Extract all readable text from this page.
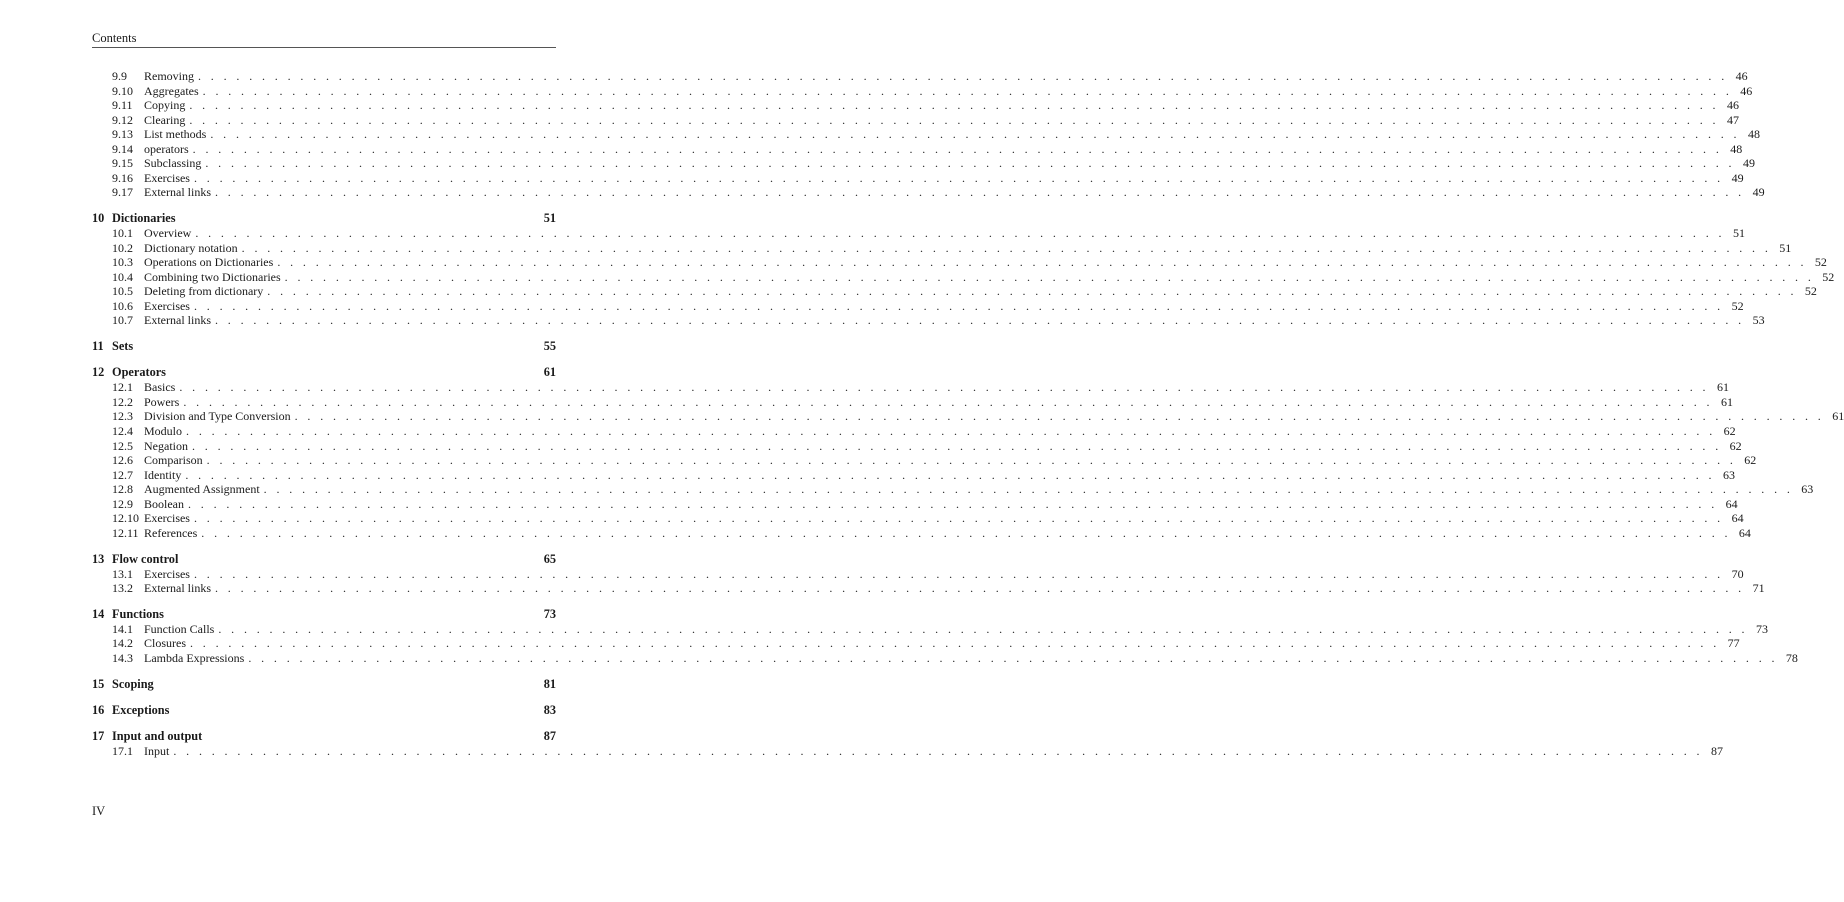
Contents
9.9	Removing . . . . . . . . . . . . . . . . . . . . . . . . . . . . . . . . . . . . . . . . . . . . . . . . . . . . . . . . . . . . . . . . . . . . . . . . . . . . . . . . . . . . . . . . . . . . . . . . . . . . . . . . . . . . . . . . . . . . . . . . 46
9.10 Aggregates . . . . . . . . . . . . . . . . . . . . . . . . . . . . . . . . . . . . . . . . . . . . . . . . . . . . . . . . . . . . . . . . . . . . . . . . . . . . . . . . . . . . . . . . . . . . . . . . . . . . . . . . . . . . . . . . . . . . . . . . 46
9.11 Copying . . . . . . . . . . . . . . . . . . . . . . . . . . . . . . . . . . . . . . . . . . . . . . . . . . . . . . . . . . . . . . . . . . . . . . . . . . . . . . . . . . . . . . . . . . . . . . . . . . . . . . . . . . . . . . . . . . . . . . . . 46
9.12 Clearing . . . . . . . . . . . . . . . . . . . . . . . . . . . . . . . . . . . . . . . . . . . . . . . . . . . . . . . . . . . . . . . . . . . . . . . . . . . . . . . . . . . . . . . . . . . . . . . . . . . . . . . . . . . . . . . . . . . . . . . . 47
9.13 List methods . . . . . . . . . . . . . . . . . . . . . . . . . . . . . . . . . . . . . . . . . . . . . . . . . . . . . . . . . . . . . . . . . . . . . . . . . . . . . . . . . . . . . . . . . . . . . . . . . . . . . . . . . . . . . . . . . . . . . . . . 48
9.14 operators . . . . . . . . . . . . . . . . . . . . . . . . . . . . . . . . . . . . . . . . . . . . . . . . . . . . . . . . . . . . . . . . . . . . . . . . . . . . . . . . . . . . . . . . . . . . . . . . . . . . . . . . . . . . . . . . . . . . . . . . 48
9.15 Subclassing . . . . . . . . . . . . . . . . . . . . . . . . . . . . . . . . . . . . . . . . . . . . . . . . . . . . . . . . . . . . . . . . . . . . . . . . . . . . . . . . . . . . . . . . . . . . . . . . . . . . . . . . . . . . . . . . . . . . . . . . 49
9.16 Exercises . . . . . . . . . . . . . . . . . . . . . . . . . . . . . . . . . . . . . . . . . . . . . . . . . . . . . . . . . . . . . . . . . . . . . . . . . . . . . . . . . . . . . . . . . . . . . . . . . . . . . . . . . . . . . . . . . . . . . . . . 49
9.17 External links . . . . . . . . . . . . . . . . . . . . . . . . . . . . . . . . . . . . . . . . . . . . . . . . . . . . . . . . . . . . . . . . . . . . . . . . . . . . . . . . . . . . . . . . . . . . . . . . . . . . . . . . . . . . . . . . . . . . . . . . 49
10 Dictionaries	51
10.1 Overview . . . . . . . . . . . . . . . . . . . . . . . . . . . . . . . . . . . . . . . . . . . . . . . . . . . . . . . . . . . . . . . . . . . . . . . . . . . . . . . . . . . . . . . . . . . . . . . . . . . . . . . . . . . . . . . . . . . . . . . . 51
10.2 Dictionary notation . . . . . . . . . . . . . . . . . . . . . . . . . . . . . . . . . . . . . . . . . . . . . . . . . . . . . . . . . . . . . . . . . . . . . . . . . . . . . . . . . . . . . . . . . . . . . . . . . . . . . . . . . . . . . . . . . . . . . . . . 51
10.3 Operations on Dictionaries . . . . . . . . . . . . . . . . . . . . . . . . . . . . . . . . . . . . . . . . . . . . . . . . . . . . . . . . . . . . . . . . . . . . . . . . . . . . . . . . . . . . . . . . . . . . . . . . . . . . . . . . . . . . . . . . . . . . . . . . 52
10.4 Combining two Dictionaries . . . . . . . . . . . . . . . . . . . . . . . . . . . . . . . . . . . . . . . . . . . . . . . . . . . . . . . . . . . . . . . . . . . . . . . . . . . . . . . . . . . . . . . . . . . . . . . . . . . . . . . . . . . . . . . . . . . . . . . . 52
10.5 Deleting from dictionary . . . . . . . . . . . . . . . . . . . . . . . . . . . . . . . . . . . . . . . . . . . . . . . . . . . . . . . . . . . . . . . . . . . . . . . . . . . . . . . . . . . . . . . . . . . . . . . . . . . . . . . . . . . . . . . . . . . . . . . . 52
10.6 Exercises . . . . . . . . . . . . . . . . . . . . . . . . . . . . . . . . . . . . . . . . . . . . . . . . . . . . . . . . . . . . . . . . . . . . . . . . . . . . . . . . . . . . . . . . . . . . . . . . . . . . . . . . . . . . . . . . . . . . . . . . 52
10.7 External links . . . . . . . . . . . . . . . . . . . . . . . . . . . . . . . . . . . . . . . . . . . . . . . . . . . . . . . . . . . . . . . . . . . . . . . . . . . . . . . . . . . . . . . . . . . . . . . . . . . . . . . . . . . . . . . . . . . . . . . . 53
11 Sets	55
12 Operators	61
12.1 Basics . . . . . . . . . . . . . . . . . . . . . . . . . . . . . . . . . . . . . . . . . . . . . . . . . . . . . . . . . . . . . . . . . . . . . . . . . . . . . . . . . . . . . . . . . . . . . . . . . . . . . . . . . . . . . . . . . . . . . . . . 61
12.2 Powers . . . . . . . . . . . . . . . . . . . . . . . . . . . . . . . . . . . . . . . . . . . . . . . . . . . . . . . . . . . . . . . . . . . . . . . . . . . . . . . . . . . . . . . . . . . . . . . . . . . . . . . . . . . . . . . . . . . . . . . . 61
12.3 Division and Type Conversion . . . . . . . . . . . . . . . . . . . . . . . . . . . . . . . . . . . . . . . . . . . . . . . . . . . . . . . . . . . . . . . . . . . . . . . . . . . . . . . . . . . . . . . . . . . . . . . . . . . . . . . . . . . . . . . . . . . . . . . . 61
12.4 Modulo . . . . . . . . . . . . . . . . . . . . . . . . . . . . . . . . . . . . . . . . . . . . . . . . . . . . . . . . . . . . . . . . . . . . . . . . . . . . . . . . . . . . . . . . . . . . . . . . . . . . . . . . . . . . . . . . . . . . . . . . 62
12.5 Negation . . . . . . . . . . . . . . . . . . . . . . . . . . . . . . . . . . . . . . . . . . . . . . . . . . . . . . . . . . . . . . . . . . . . . . . . . . . . . . . . . . . . . . . . . . . . . . . . . . . . . . . . . . . . . . . . . . . . . . . . 62
12.6 Comparison . . . . . . . . . . . . . . . . . . . . . . . . . . . . . . . . . . . . . . . . . . . . . . . . . . . . . . . . . . . . . . . . . . . . . . . . . . . . . . . . . . . . . . . . . . . . . . . . . . . . . . . . . . . . . . . . . . . . . . . . 62
12.7 Identity . . . . . . . . . . . . . . . . . . . . . . . . . . . . . . . . . . . . . . . . . . . . . . . . . . . . . . . . . . . . . . . . . . . . . . . . . . . . . . . . . . . . . . . . . . . . . . . . . . . . . . . . . . . . . . . . . . . . . . . . 63
12.8 Augmented Assignment . . . . . . . . . . . . . . . . . . . . . . . . . . . . . . . . . . . . . . . . . . . . . . . . . . . . . . . . . . . . . . . . . . . . . . . . . . . . . . . . . . . . . . . . . . . . . . . . . . . . . . . . . . . . . . . . . . . . . . . . 63
12.9 Boolean . . . . . . . . . . . . . . . . . . . . . . . . . . . . . . . . . . . . . . . . . . . . . . . . . . . . . . . . . . . . . . . . . . . . . . . . . . . . . . . . . . . . . . . . . . . . . . . . . . . . . . . . . . . . . . . . . . . . . . . . 64
12.10 Exercises . . . . . . . . . . . . . . . . . . . . . . . . . . . . . . . . . . . . . . . . . . . . . . . . . . . . . . . . . . . . . . . . . . . . . . . . . . . . . . . . . . . . . . . . . . . . . . . . . . . . . . . . . . . . . . . . . . . . . . . . 64
12.11 References . . . . . . . . . . . . . . . . . . . . . . . . . . . . . . . . . . . . . . . . . . . . . . . . . . . . . . . . . . . . . . . . . . . . . . . . . . . . . . . . . . . . . . . . . . . . . . . . . . . . . . . . . . . . . . . . . . . . . . . . 64
13 Flow control	65
13.1 Exercises . . . . . . . . . . . . . . . . . . . . . . . . . . . . . . . . . . . . . . . . . . . . . . . . . . . . . . . . . . . . . . . . . . . . . . . . . . . . . . . . . . . . . . . . . . . . . . . . . . . . . . . . . . . . . . . . . . . . . . . . 70
13.2 External links . . . . . . . . . . . . . . . . . . . . . . . . . . . . . . . . . . . . . . . . . . . . . . . . . . . . . . . . . . . . . . . . . . . . . . . . . . . . . . . . . . . . . . . . . . . . . . . . . . . . . . . . . . . . . . . . . . . . . . . . 71
14 Functions	73
14.1 Function Calls . . . . . . . . . . . . . . . . . . . . . . . . . . . . . . . . . . . . . . . . . . . . . . . . . . . . . . . . . . . . . . . . . . . . . . . . . . . . . . . . . . . . . . . . . . . . . . . . . . . . . . . . . . . . . . . . . . . . . . . . 73
14.2 Closures . . . . . . . . . . . . . . . . . . . . . . . . . . . . . . . . . . . . . . . . . . . . . . . . . . . . . . . . . . . . . . . . . . . . . . . . . . . . . . . . . . . . . . . . . . . . . . . . . . . . . . . . . . . . . . . . . . . . . . . . 77
14.3 Lambda Expressions . . . . . . . . . . . . . . . . . . . . . . . . . . . . . . . . . . . . . . . . . . . . . . . . . . . . . . . . . . . . . . . . . . . . . . . . . . . . . . . . . . . . . . . . . . . . . . . . . . . . . . . . . . . . . . . . . . . . . . . . 78
15 Scoping	81
16 Exceptions	83
17 Input and output	87
17.1 Input . . . . . . . . . . . . . . . . . . . . . . . . . . . . . . . . . . . . . . . . . . . . . . . . . . . . . . . . . . . . . . . . . . . . . . . . . . . . . . . . . . . . . . . . . . . . . . . . . . . . . . . . . . . . . . . . . . . . . . . . 87
IV
